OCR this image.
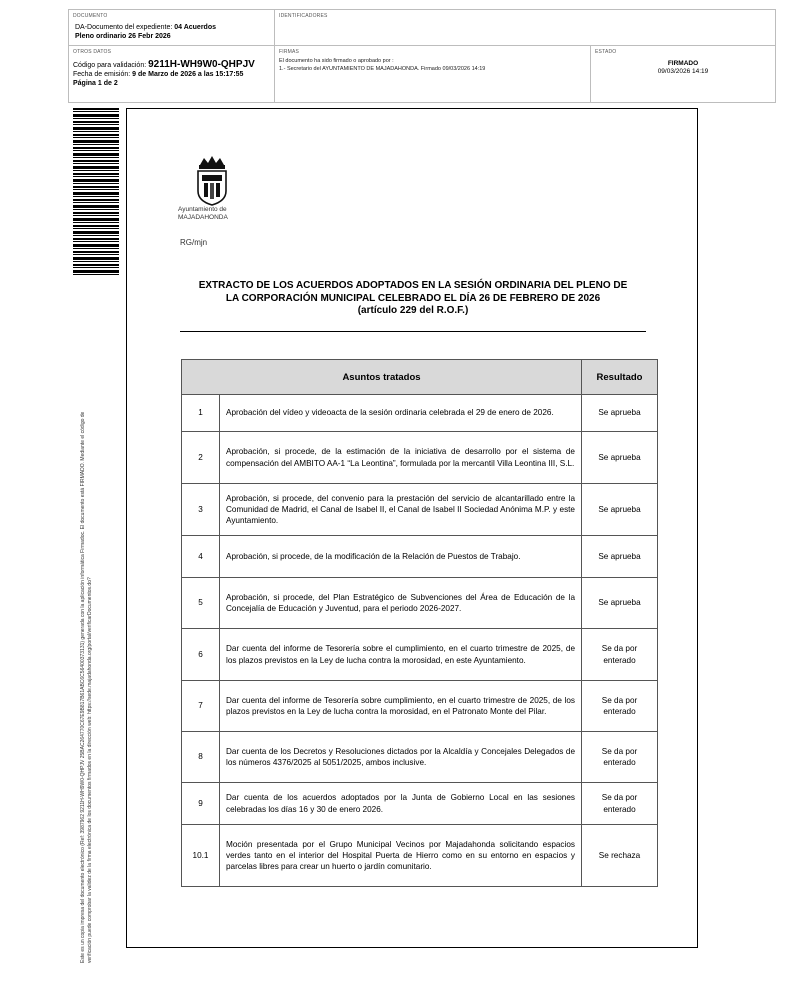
DOCUMENTO
DA-Documento del expediente: 04 Acuerdos
Pleno ordinario 26 Febr 2026
IDENTIFICADORES
OTROS DATOS
Código para validación: 9211H-WH9W0-QHPJV
Fecha de emisión: 9 de Marzo de 2026 a las 15:17:55
Página 1 de 2
FIRMAS
El documento ha sido firmado o aprobado por :
1.- Secretario del AYUNTAMIENTO DE MAJADAHONDA. Firmado 09/03/2026 14:19
ESTADO
FIRMADO
09/03/2026 14:19
Este es un copia impresa del documento electrónico (Ref: 3987962 9211H-WH9W0-QHPJV 25BAC264770C67E9B817B61ABC6C56400373131) generada con la aplicación informática Firmadoc. El documento está FIRMADO. Mediante el código de verificación puede comprobar la validez de la firma electrónica de los documentos firmados en la dirección web: https://sede.majadahonda.org/portal/verificarDocumentos.do?
Ayuntamiento de
MAJADAHONDA
RG/mjn
EXTRACTO DE LOS ACUERDOS ADOPTADOS EN LA SESIÓN ORDINARIA DEL PLENO DE
LA CORPORACIÓN MUNICIPAL CELEBRADO EL DÍA 26 DE FEBRERO DE 2026
(artículo 229 del R.O.F.)
Asuntos tratados		Resultado
1	Aprobación del vídeo y videoacta de la sesión ordinaria celebrada el 29 de enero de 2026.	Se aprueba
2	Aprobación, si procede, de la estimación de la iniciativa de desarrollo por el sistema de compensación del AMBITO AA-1 “La Leontina”, formulada por la mercantil Villa Leontina III, S.L.	Se aprueba
3	Aprobación, si procede, del convenio para la prestación del servicio de alcantarillado entre la Comunidad de Madrid, el Canal de Isabel II, el Canal de Isabel II Sociedad Anónima M.P. y este Ayuntamiento.	Se aprueba
4	Aprobación, si procede, de la modificación de la Relación de Puestos de Trabajo.	Se aprueba
5	Aprobación, si procede, del Plan Estratégico de Subvenciones del Área de Educación de la Concejalía de Educación y Juventud, para el periodo 2026-2027.	Se aprueba
6	Dar cuenta del informe de Tesorería sobre el cumplimiento, en el cuarto trimestre de 2025, de los plazos previstos en la Ley de lucha contra la morosidad, en este Ayuntamiento.	Se da por enterado
7	Dar cuenta del informe de Tesorería sobre cumplimiento, en el cuarto trimestre de 2025, de los plazos previstos en la Ley de lucha contra la morosidad, en el Patronato Monte del Pilar.	Se da por enterado
8	Dar cuenta de los Decretos y Resoluciones dictados por la Alcaldía y Concejales Delegados de los números 4376/2025 al 5051/2025, ambos inclusive.	Se da por enterado
9	Dar cuenta de los acuerdos adoptados por la Junta de Gobierno Local en las sesiones celebradas los días 16 y 30 de enero 2026.	Se da por enterado
10.1	Moción presentada por el Grupo Municipal Vecinos por Majadahonda solicitando espacios verdes tanto en el interior del Hospital Puerta de Hierro como en su entorno en espacios y parcelas libres para crear un huerto o jardín comunitario.	Se rechaza
